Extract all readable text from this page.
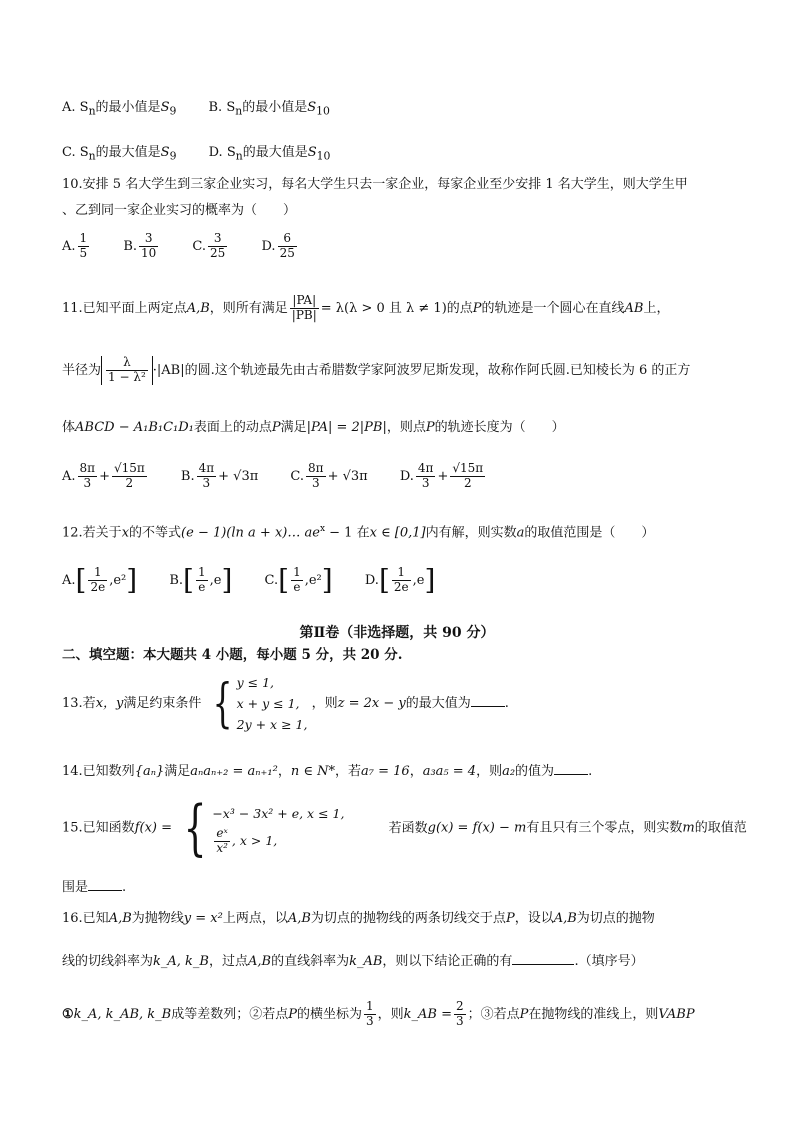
A. $S_n$的最小值是$S_9$ B. $S_n$的最小值是$S_{10}$
C. $S_n$的最大值是$S_9$ D. $S_n$的最大值是$S_{10}$
10.安排 5 名大学生到三家企业实习，每名大学生只去一家企业，每家企业至少安排 1 名大学生，则大学生甲
、乙到同一家企业实习的概率为（　　）
A. $\frac{1}{5}$	B. $\frac{3}{10}$	C. $\frac{3}{25}$	D. $\frac{6}{25}$
11.已知平面上两定点A,B，则所有满足 $\frac{|PA|}{|PB|} = \lambda(\lambda > 0$ 且 λ ≠ 1)的点P的轨迹是一个圆心在直线AB上，
半径为 $\frac{\lambda}{\text{1 − λ²}} \cdot|AB|$的圆.这个轨迹最先由古希腊数学家阿波罗尼斯发现，故称作阿氏圆.已知棱长为 6 的正方
体ABCD − A₁B₁C₁D₁表面上的动点P满足|PA| = 2|PB|，则点P的轨迹长度为（　　）
A. $\frac{8\pi}{3} + \frac{√15\pi}{2}$	B. $\frac{4\pi}{3} + √3\pi$ C. $\frac{8\pi}{3} + √3\pi$ D. $\frac{4\pi}{3} + \frac{√15\pi}{2}$
12.若关于x的不等式(e − 1)(ln a + x)… $ae^x - 1$ 在x ∈ [0,1]内有解，则实数a的取值范围是（　　）
$A.[ \frac{1}{2e} ,e^2]$ $B.[ \frac{1}{e} ,e]$ $C.[ \frac{1}{e} ,e^2]$ $D.[ \frac{1}{2e} ,e]$
第Ⅱ卷（非选择题，共 90 分）
二、填空题：本大题共 4 小题，每小题 5 分，共 20 分.
13.若x，y满足约束条件 { y ≤ 1,
x + y ≤ 1,
2y + x ≥ 1,
，则z = 2x − y的最大值为	.
14.已知数列{aₙ}满足aₙaₙ₊₂ = aₙ₊₁²，n ∈ N*，若a₇ = 16，a₃a₅ = 4，则a₂的值为	.
15.已知函数f(x) = { −x³ − 3x² + e, x ≤ 1,
$\frac{\text{eˣ}}{\text{x²}}$ , x > 1,
若函数g(x) = f(x) − m有且只有三个零点，则实数m的取值范
围是	.
16.已知A,B为抛物线y = x²上两点，以A,B为切点的抛物线的两条切线交于点P，设以A,B为切点的抛物
线的切线斜率为k_A, k_B，过点A,B的直线斜率为k_AB，则以下结论正确的有	.（填序号）
①k_A, k_AB, k_B成等差数列；②若点P的横坐标为 $\frac{1}{3}$ ，则k_AB = $\frac{2}{3}$ ；③若点P在抛物线的准线上，则VABP
